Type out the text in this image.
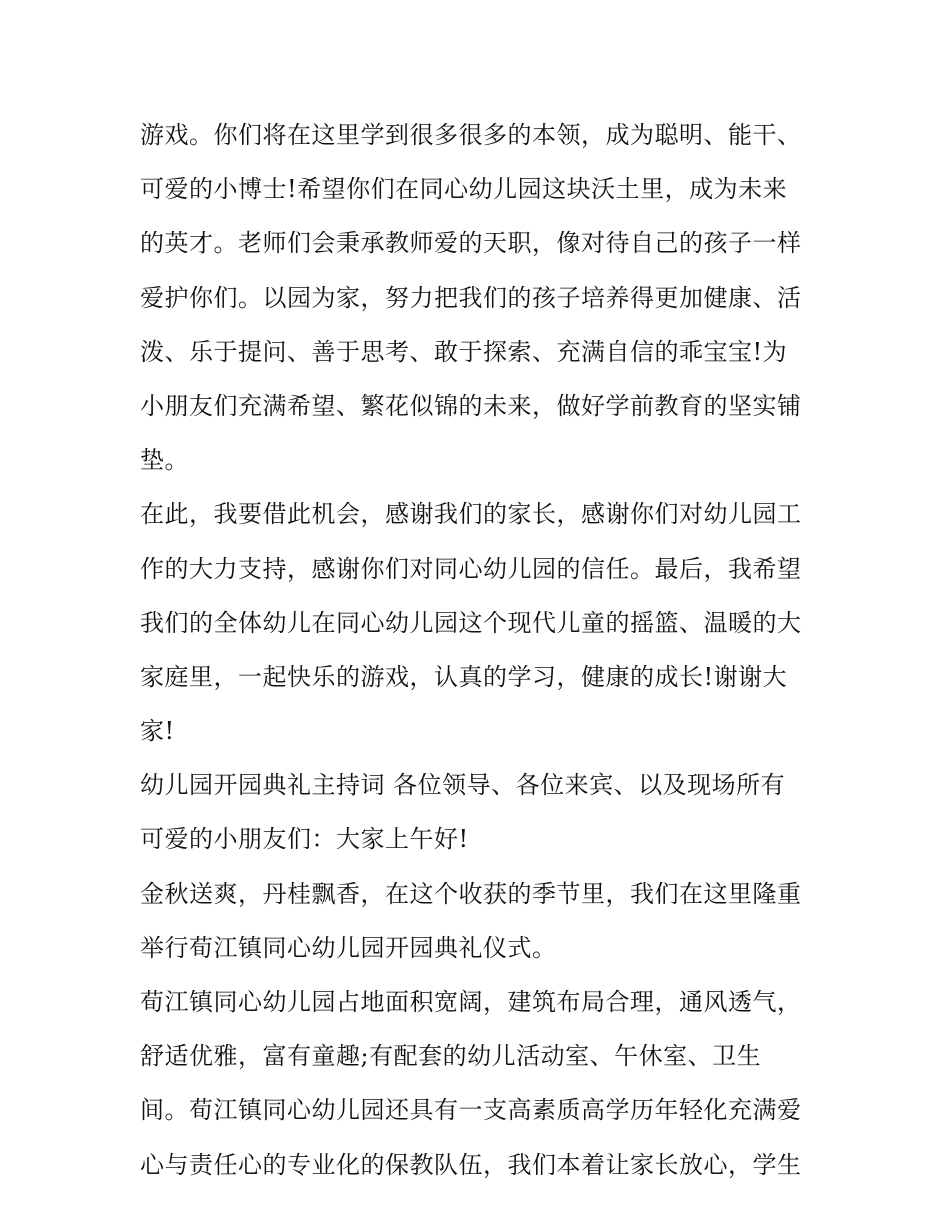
游戏。你们将在这里学到很多很多的本领，成为聪明、能干、
可爱的小博士!希望你们在同心幼儿园这块沃土里，成为未来
的英才。老师们会秉承教师爱的天职，像对待自己的孩子一样
爱护你们。以园为家，努力把我们的孩子培养得更加健康、活
泼、乐于提问、善于思考、敢于探索、充满自信的乖宝宝!为
小朋友们充满希望、繁花似锦的未来，做好学前教育的坚实铺
垫。
在此，我要借此机会，感谢我们的家长，感谢你们对幼儿园工
作的大力支持，感谢你们对同心幼儿园的信任。最后，我希望
我们的全体幼儿在同心幼儿园这个现代儿童的摇篮、温暖的大
家庭里，一起快乐的游戏，认真的学习，健康的成长!谢谢大
家!
幼儿园开园典礼主持词 各位领导、各位来宾、以及现场所有
可爱的小朋友们：大家上午好!
金秋送爽，丹桂飘香，在这个收获的季节里，我们在这里隆重
举行荀江镇同心幼儿园开园典礼仪式。
荀江镇同心幼儿园占地面积宽阔，建筑布局合理，通风透气，
舒适优雅，富有童趣;有配套的幼儿活动室、午休室、卫生
间。荀江镇同心幼儿园还具有一支高素质高学历年轻化充满爱
心与责任心的专业化的保教队伍，我们本着让家长放心，学生
